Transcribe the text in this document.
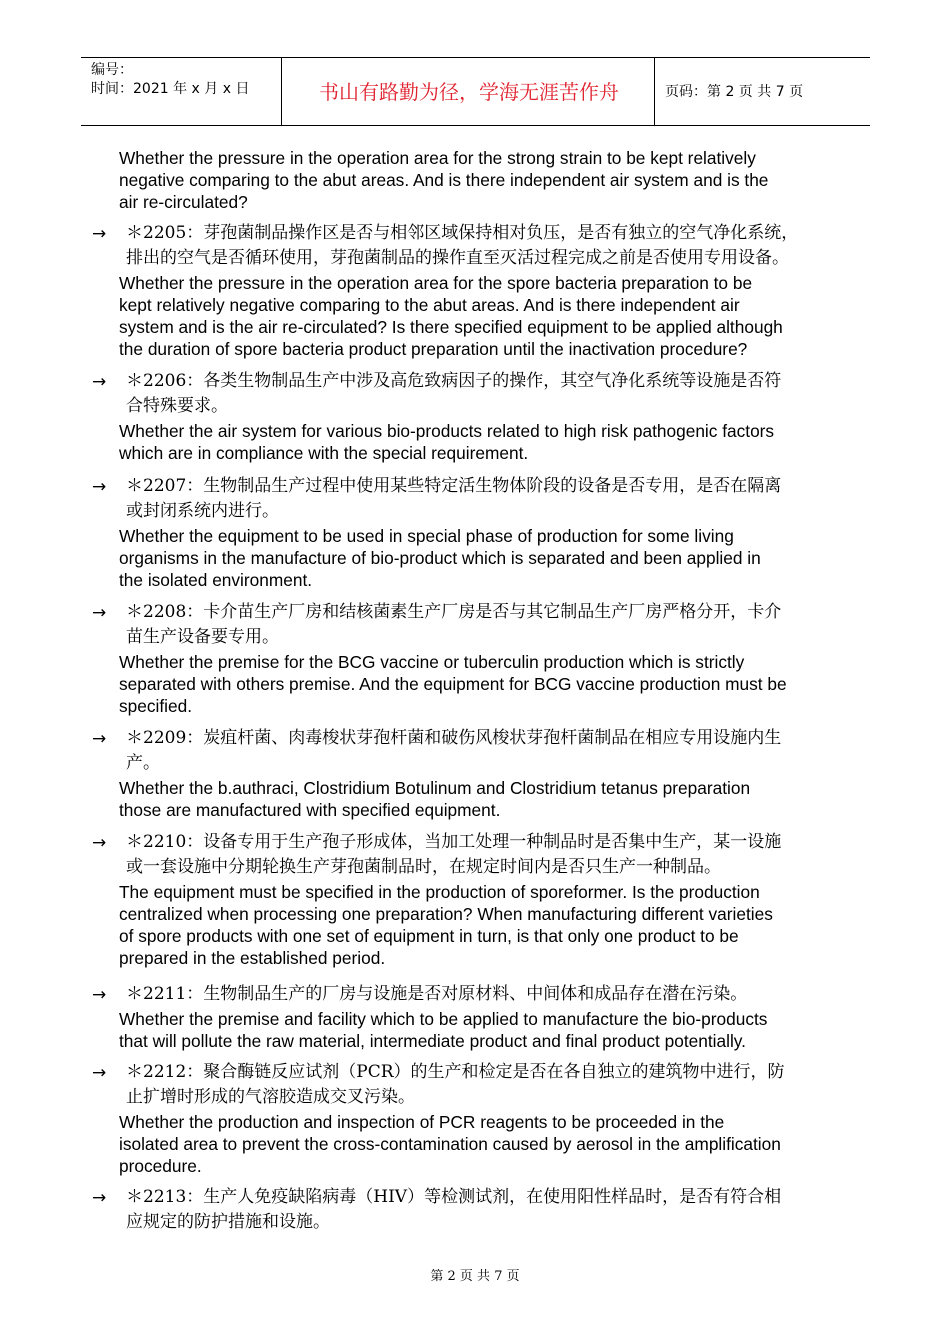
编号：
时间：2021 年 x 月 x 日	书山有路勤为径，学海无涯苦作舟	页码：第 2 页 共 7 页
Whether the pressure in the operation area for the strong strain to be kept relatively
negative comparing to the abut areas. And is there independent air system and is the
air re-circulated?
→ ＊2205：芽孢菌制品操作区是否与相邻区域保持相对负压，是否有独立的空气净化系统，
排出的空气是否循环使用，芽孢菌制品的操作直至灭活过程完成之前是否使用专用设备。
Whether the pressure in the operation area for the spore bacteria preparation to be
kept relatively negative comparing to the abut areas. And is there independent air
system and is the air re-circulated? Is there specified equipment to be applied although
the duration of spore bacteria product preparation until the inactivation procedure?
→ ＊2206：各类生物制品生产中涉及高危致病因子的操作，其空气净化系统等设施是否符
合特殊要求。
Whether the air system for various bio-products related to high risk pathogenic factors
which are in compliance with the special requirement.
→ ＊2207：生物制品生产过程中使用某些特定活生物体阶段的设备是否专用，是否在隔离
或封闭系统内进行。
Whether the equipment to be used in special phase of production for some living
organisms in the manufacture of bio-product which is separated and been applied in
the isolated environment.
→ ＊2208：卡介苗生产厂房和结核菌素生产厂房是否与其它制品生产厂房严格分开，卡介
苗生产设备要专用。
Whether the premise for the BCG vaccine or tuberculin production which is strictly
separated with others premise. And the equipment for BCG vaccine production must be
specified.
→ ＊2209：炭疽杆菌、肉毒梭状芽孢杆菌和破伤风梭状芽孢杆菌制品在相应专用设施内生
产。
Whether the b.authraci, Clostridium Botulinum and Clostridium tetanus preparation
those are manufactured with specified equipment.
→ ＊2210：设备专用于生产孢子形成体，当加工处理一种制品时是否集中生产，某一设施
或一套设施中分期轮换生产芽孢菌制品时，在规定时间内是否只生产一种制品。
The equipment must be specified in the production of sporeformer. Is the production
centralized when processing one preparation? When manufacturing different varieties
of spore products with one set of equipment in turn, is that only one product to be
prepared in the established period.
→ ＊2211：生物制品生产的厂房与设施是否对原材料、中间体和成品存在潜在污染。
Whether the premise and facility which to be applied to manufacture the bio-products
that will pollute the raw material, intermediate product and final product potentially.
→ ＊2212：聚合酶链反应试剂（PCR）的生产和检定是否在各自独立的建筑物中进行，防
止扩增时形成的气溶胶造成交叉污染。
Whether the production and inspection of PCR reagents to be proceeded in the
isolated area to prevent the cross-contamination caused by aerosol in the amplification
procedure.
→ ＊2213：生产人免疫缺陷病毒（HIV）等检测试剂，在使用阳性样品时，是否有符合相
应规定的防护措施和设施。
第 2 页 共 7 页
